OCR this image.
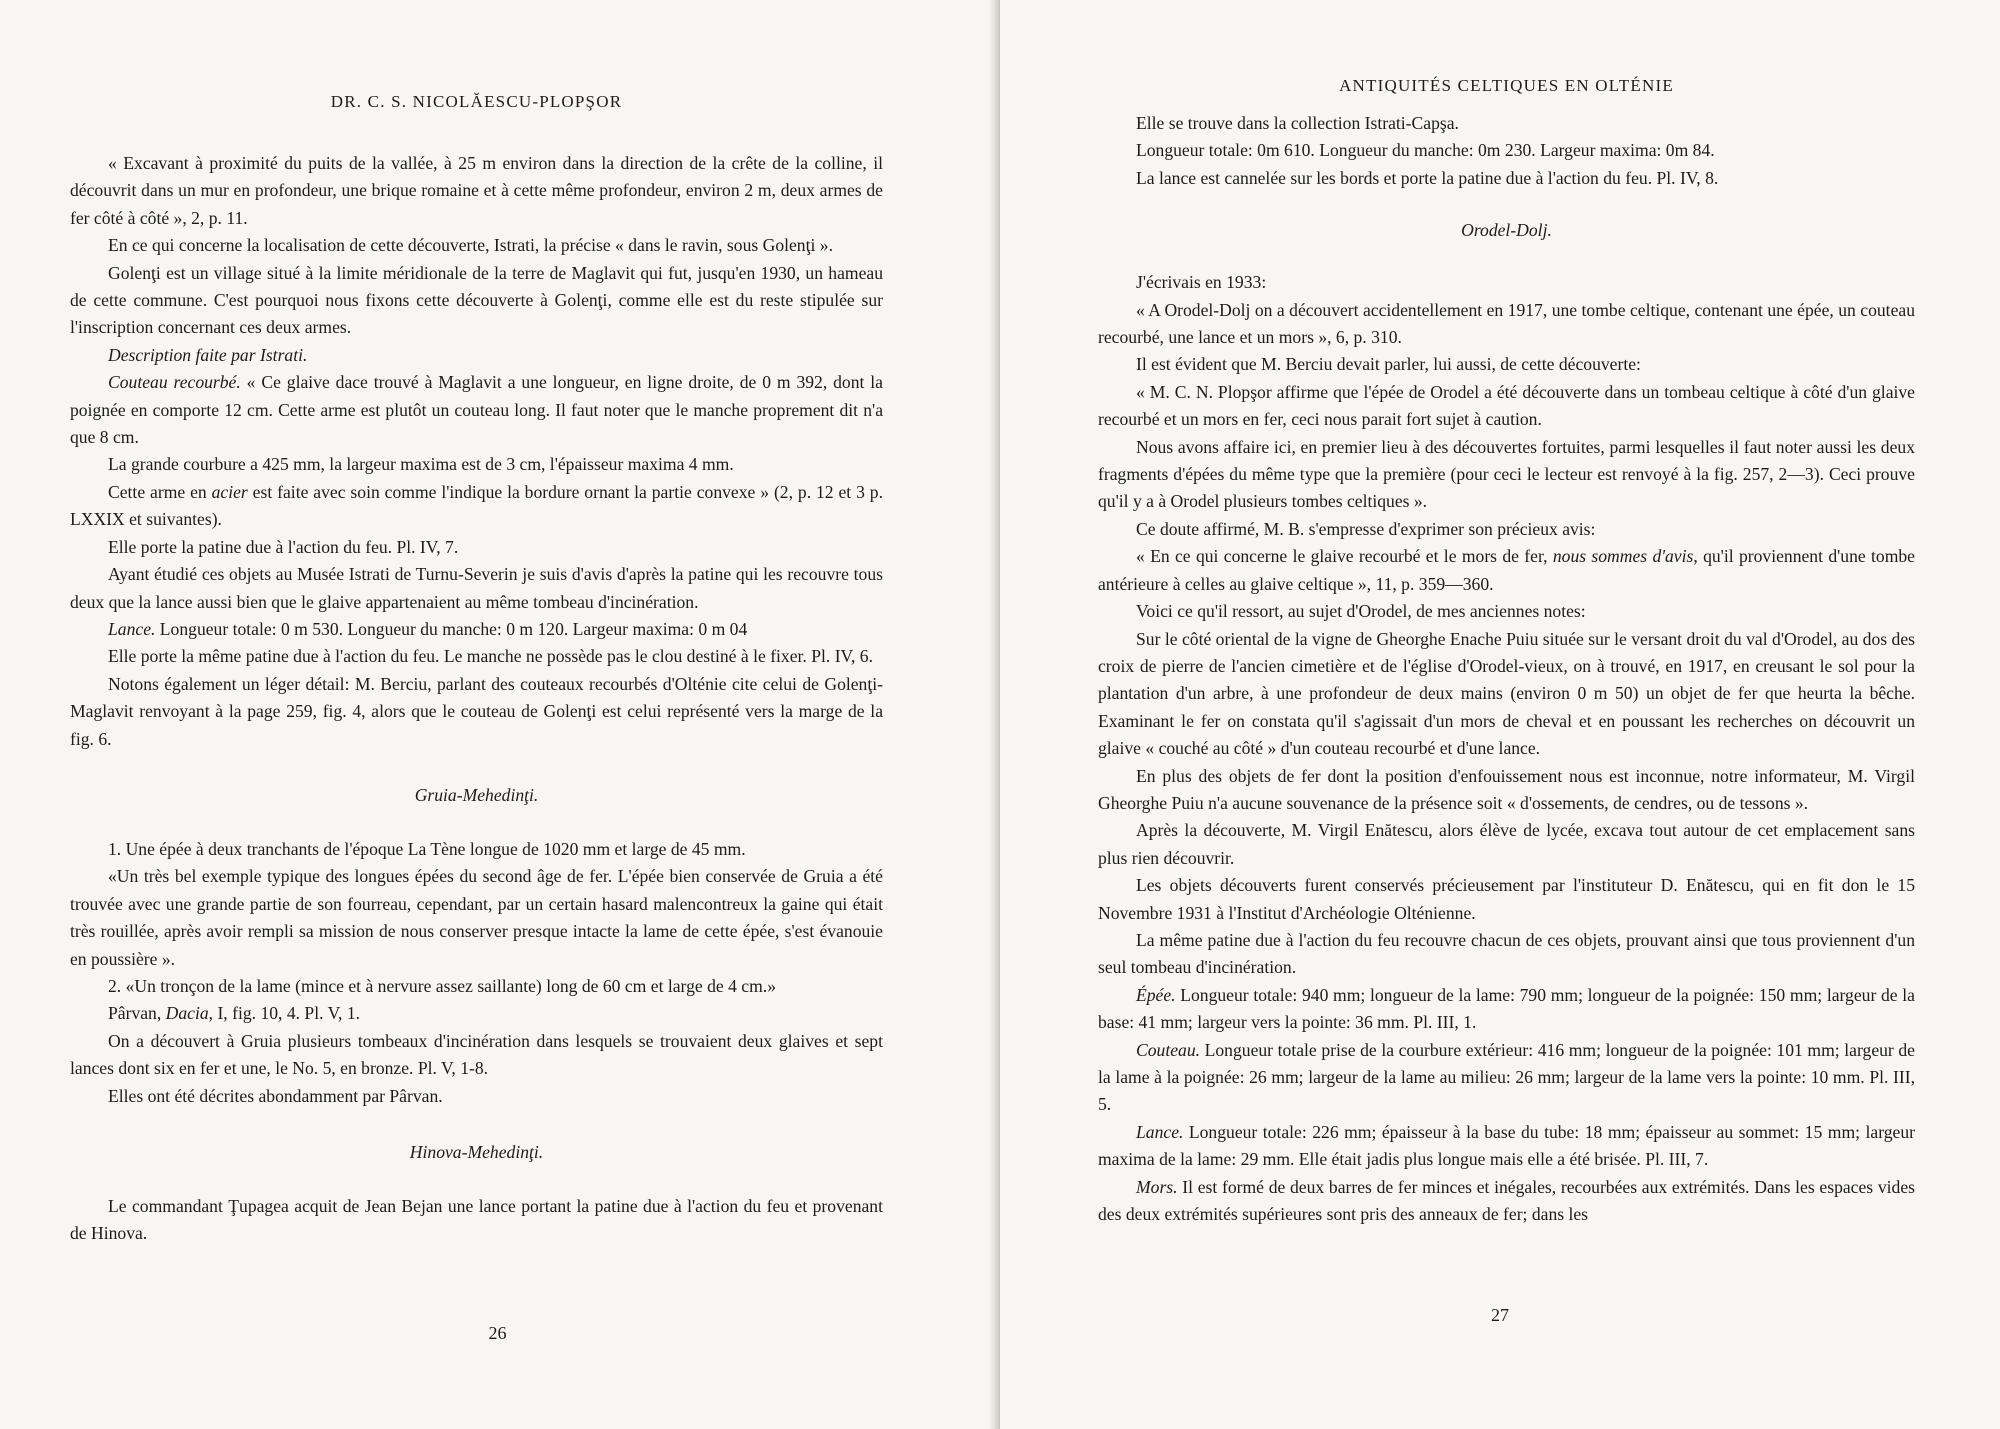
DR. C. S. NICOLĂESCU-PLOPŞOR
« Excavant à proximité du puits de la vallée, à 25 m environ dans la direction de la crête de la colline, il découvrit dans un mur en profondeur, une brique romaine et à cette même profondeur, environ 2 m, deux armes de fer côté à côté », 2, p. 11.
En ce qui concerne la localisation de cette découverte, Istrati, la précise « dans le ravin, sous Golenţi ».
Golenţi est un village situé à la limite méridionale de la terre de Maglavit qui fut, jusqu'en 1930, un hameau de cette commune. C'est pourquoi nous fixons cette découverte à Golenţi, comme elle est du reste stipulée sur l'inscription concernant ces deux armes.
Description faite par Istrati.
Couteau recourbé. « Ce glaive dace trouvé à Maglavit a une longueur, en ligne droite, de 0 m 392, dont la poignée en comporte 12 cm. Cette arme est plutôt un couteau long. Il faut noter que le manche proprement dit n'a que 8 cm.
La grande courbure a 425 mm, la largeur maxima est de 3 cm, l'épaisseur maxima 4 mm.
Cette arme en acier est faite avec soin comme l'indique la bordure ornant la partie convexe » (2, p. 12 et 3 p. LXXIX et suivantes).
Elle porte la patine due à l'action du feu. Pl. IV, 7.
Ayant étudié ces objets au Musée Istrati de Turnu-Severin je suis d'avis d'après la patine qui les recouvre tous deux que la lance aussi bien que le glaive appartenaient au même tombeau d'incinération.
Lance. Longueur totale: 0 m 530. Longueur du manche: 0 m 120. Largeur maxima: 0 m 04
Elle porte la même patine due à l'action du feu. Le manche ne possède pas le clou destiné à le fixer. Pl. IV, 6.
Notons également un léger détail: M. Berciu, parlant des couteaux recourbés d'Olténie cite celui de Golenţi-Maglavit renvoyant à la page 259, fig. 4, alors que le couteau de Golenţi est celui représenté vers la marge de la fig. 6.
Gruia-Mehedinţi.
1. Une épée à deux tranchants de l'époque La Tène longue de 1020 mm et large de 45 mm.
«Un très bel exemple typique des longues épées du second âge de fer. L'épée bien conservée de Gruia a été trouvée avec une grande partie de son fourreau, cependant, par un certain hasard malencontreux la gaine qui était très rouillée, après avoir rempli sa mission de nous conserver presque intacte la lame de cette épée, s'est évanouie en poussière ».
2. «Un tronçon de la lame (mince et à nervure assez saillante) long de 60 cm et large de 4 cm.»
Pârvan, Dacia, I, fig. 10, 4. Pl. V, 1.
On a découvert à Gruia plusieurs tombeaux d'incinération dans lesquels se trouvaient deux glaives et sept lances dont six en fer et une, le No. 5, en bronze. Pl. V, 1-8.
Elles ont été décrites abondamment par Pârvan.
Hinova-Mehedinţi.
Le commandant Ţupagea acquit de Jean Bejan une lance portant la patine due à l'action du feu et provenant de Hinova.
26
ANTIQUITÉS CELTIQUES EN OLTÉNIE
Elle se trouve dans la collection Istrati-Capşa.
Longueur totale: 0m 610. Longueur du manche: 0m 230. Largeur maxima: 0m 84.
La lance est cannelée sur les bords et porte la patine due à l'action du feu. Pl. IV, 8.
Orodel-Dolj.
J'écrivais en 1933:
« A Orodel-Dolj on a découvert accidentellement en 1917, une tombe celtique, contenant une épée, un couteau recourbé, une lance et un mors », 6, p. 310.
Il est évident que M. Berciu devait parler, lui aussi, de cette découverte:
« M. C. N. Plopşor affirme que l'épée de Orodel a été découverte dans un tombeau celtique à côté d'un glaive recourbé et un mors en fer, ceci nous parait fort sujet à caution.
Nous avons affaire ici, en premier lieu à des découvertes fortuites, parmi lesquelles il faut noter aussi les deux fragments d'épées du même type que la première (pour ceci le lecteur est renvoyé à la fig. 257, 2—3). Ceci prouve qu'il y a à Orodel plusieurs tombes celtiques ».
Ce doute affirmé, M. B. s'empresse d'exprimer son précieux avis:
« En ce qui concerne le glaive recourbé et le mors de fer, nous sommes d'avis, qu'il proviennent d'une tombe antérieure à celles au glaive celtique », 11, p. 359—360.
Voici ce qu'il ressort, au sujet d'Orodel, de mes anciennes notes:
Sur le côté oriental de la vigne de Gheorghe Enache Puiu située sur le versant droit du val d'Orodel, au dos des croix de pierre de l'ancien cimetière et de l'église d'Orodel-vieux, on à trouvé, en 1917, en creusant le sol pour la plantation d'un arbre, à une profondeur de deux mains (environ 0 m 50) un objet de fer que heurta la bêche. Examinant le fer on constata qu'il s'agissait d'un mors de cheval et en poussant les recherches on découvrit un glaive « couché au côté » d'un couteau recourbé et d'une lance.
En plus des objets de fer dont la position d'enfouissement nous est inconnue, notre informateur, M. Virgil Gheorghe Puiu n'a aucune souvenance de la présence soit « d'ossements, de cendres, ou de tessons ».
Après la découverte, M. Virgil Enătescu, alors élève de lycée, excava tout autour de cet emplacement sans plus rien découvrir.
Les objets découverts furent conservés précieusement par l'instituteur D. Enătescu, qui en fit don le 15 Novembre 1931 à l'Institut d'Archéologie Olténienne.
La même patine due à l'action du feu recouvre chacun de ces objets, prouvant ainsi que tous proviennent d'un seul tombeau d'incinération.
Épée. Longueur totale: 940 mm; longueur de la lame: 790 mm; longueur de la poignée: 150 mm; largeur de la base: 41 mm; largeur vers la pointe: 36 mm. Pl. III, 1.
Couteau. Longueur totale prise de la courbure extérieur: 416 mm; longueur de la poignée: 101 mm; largeur de la lame à la poignée: 26 mm; largeur de la lame au milieu: 26 mm; largeur de la lame vers la pointe: 10 mm. Pl. III, 5.
Lance. Longueur totale: 226 mm; épaisseur à la base du tube: 18 mm; épaisseur au sommet: 15 mm; largeur maxima de la lame: 29 mm. Elle était jadis plus longue mais elle a été brisée. Pl. III, 7.
Mors. Il est formé de deux barres de fer minces et inégales, recourbées aux extrémités. Dans les espaces vides des deux extrémités supérieures sont pris des anneaux de fer; dans les
27
